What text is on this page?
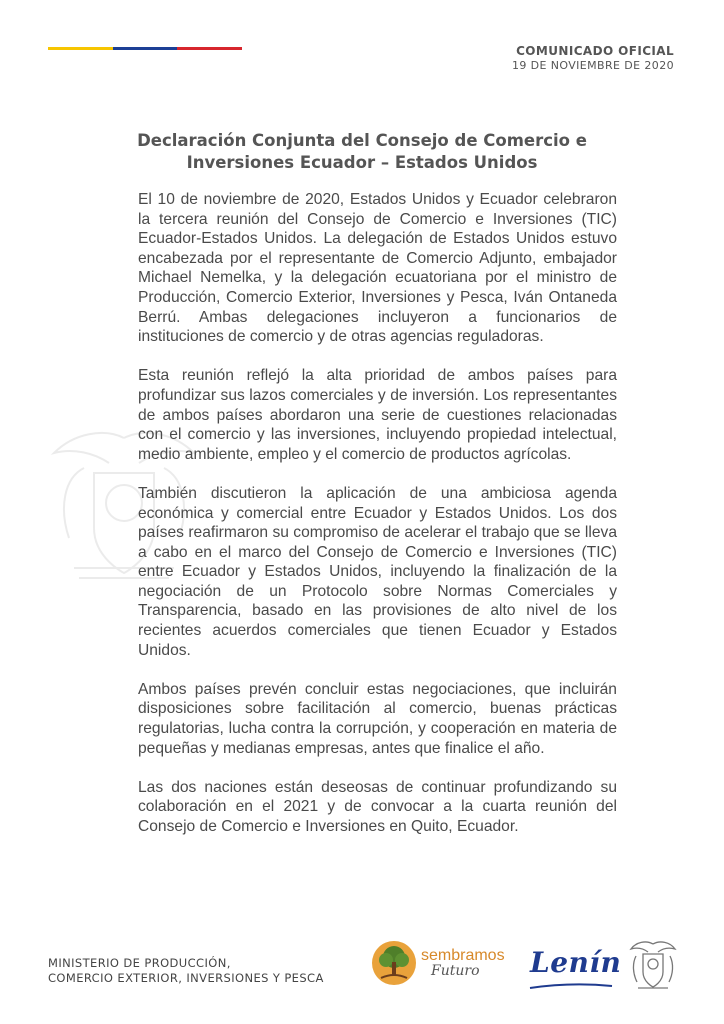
COMUNICADO OFICIAL
19 DE NOVIEMBRE DE 2020
Declaración Conjunta del Consejo de Comercio e
Inversiones Ecuador – Estados Unidos

El 10 de noviembre de 2020, Estados Unidos y Ecuador celebraron la tercera reunión del Consejo de Comercio e Inversiones (TIC) Ecuador-Estados Unidos. La delegación de Estados Unidos estuvo encabezada por el representante de Comercio Adjunto, embajador Michael Nemelka, y la delegación ecuatoriana por el ministro de Producción, Comercio Exterior, Inversiones y Pesca, Iván Ontaneda Berrú. Ambas delegaciones incluyeron a funcionarios de instituciones de comercio y de otras agencias reguladoras.

Esta reunión reflejó la alta prioridad de ambos países para profundizar sus lazos comerciales y de inversión. Los representantes de ambos países abordaron una serie de cuestiones relacionadas con el comercio y las inversiones, incluyendo propiedad intelectual, medio ambiente, empleo y el comercio de productos agrícolas.

También discutieron la aplicación de una ambiciosa agenda económica y comercial entre Ecuador y Estados Unidos. Los dos países reafirmaron su compromiso de acelerar el trabajo que se lleva a cabo en el marco del Consejo de Comercio e Inversiones (TIC) entre Ecuador y Estados Unidos, incluyendo la finalización de la negociación de un Protocolo sobre Normas Comerciales y Transparencia, basado en las provisiones de alto nivel de los recientes acuerdos comerciales que tienen Ecuador y Estados Unidos.

Ambos países prevén concluir estas negociaciones, que incluirán disposiciones sobre facilitación al comercio, buenas prácticas regulatorias, lucha contra la corrupción, y cooperación en materia de pequeñas y medianas empresas, antes que finalice el año.

Las dos naciones están deseosas de continuar profundizando su colaboración en el 2021 y de convocar a la cuarta reunión del Consejo de Comercio e Inversiones en Quito, Ecuador.

MINISTERIO DE PRODUCCIÓN,
COMERCIO EXTERIOR, INVERSIONES Y PESCA
sembramos
Futuro	Lenín
